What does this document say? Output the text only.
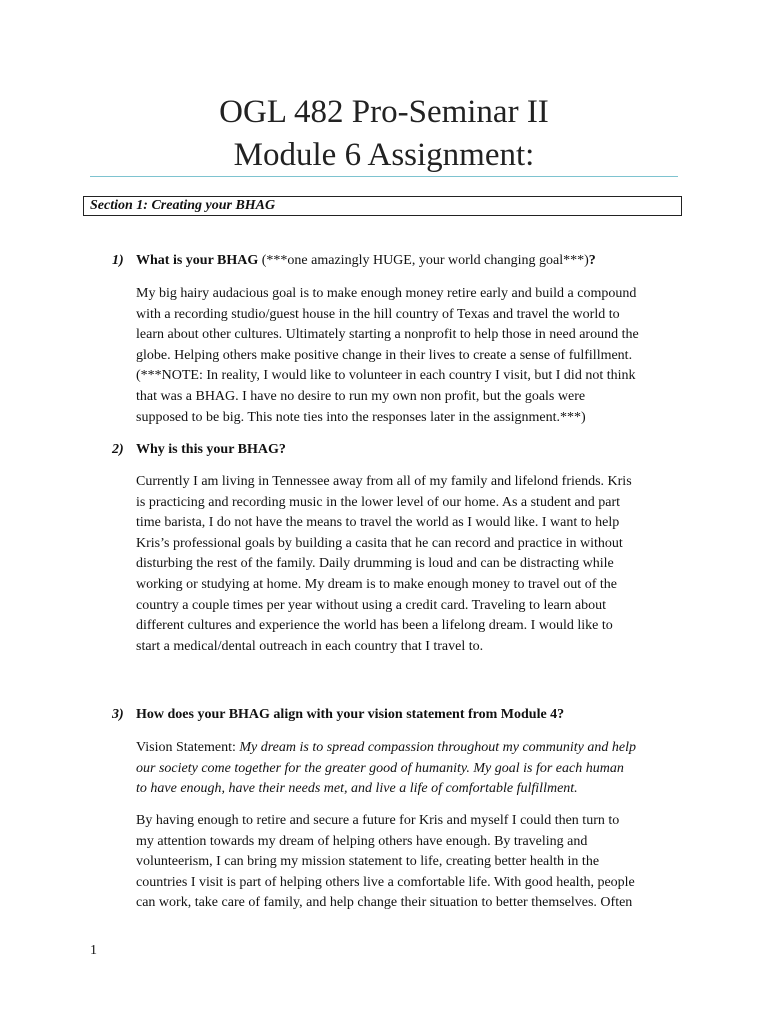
OGL 482 Pro-Seminar II
Module 6 Assignment:
Section 1: Creating your BHAG
1) What is your BHAG (***one amazingly HUGE, your world changing goal***)?
My big hairy audacious goal is to make enough money retire early and build a compound
with a recording studio/guest house in the hill country of Texas and travel the world to
learn about other cultures. Ultimately starting a nonprofit to help those in need around the
globe. Helping others make positive change in their lives to create a sense of fulfillment.
(***NOTE: In reality, I would like to volunteer in each country I visit, but I did not think
that was a BHAG. I have no desire to run my own non profit, but the goals were
supposed to be big. This note ties into the responses later in the assignment.***)
2) Why is this your BHAG?
Currently I am living in Tennessee away from all of my family and lifelond friends. Kris
is practicing and recording music in the lower level of our home. As a student and part
time barista, I do not have the means to travel the world as I would like. I want to help
Kris’s professional goals by building a casita that he can record and practice in without
disturbing the rest of the family. Daily drumming is loud and can be distracting while
working or studying at home. My dream is to make enough money to travel out of the
country a couple times per year without using a credit card. Traveling to learn about
different cultures and experience the world has been a lifelong dream. I would like to
start a medical/dental outreach in each country that I travel to.
3) How does your BHAG align with your vision statement from Module 4?
Vision Statement: My dream is to spread compassion throughout my community and help
our society come together for the greater good of humanity. My goal is for each human
to have enough, have their needs met, and live a life of comfortable fulfillment.
By having enough to retire and secure a future for Kris and myself I could then turn to
my attention towards my dream of helping others have enough. By traveling and
volunteerism, I can bring my mission statement to life, creating better health in the
countries I visit is part of helping others live a comfortable life. With good health, people
can work, take care of family, and help change their situation to better themselves. Often
1
